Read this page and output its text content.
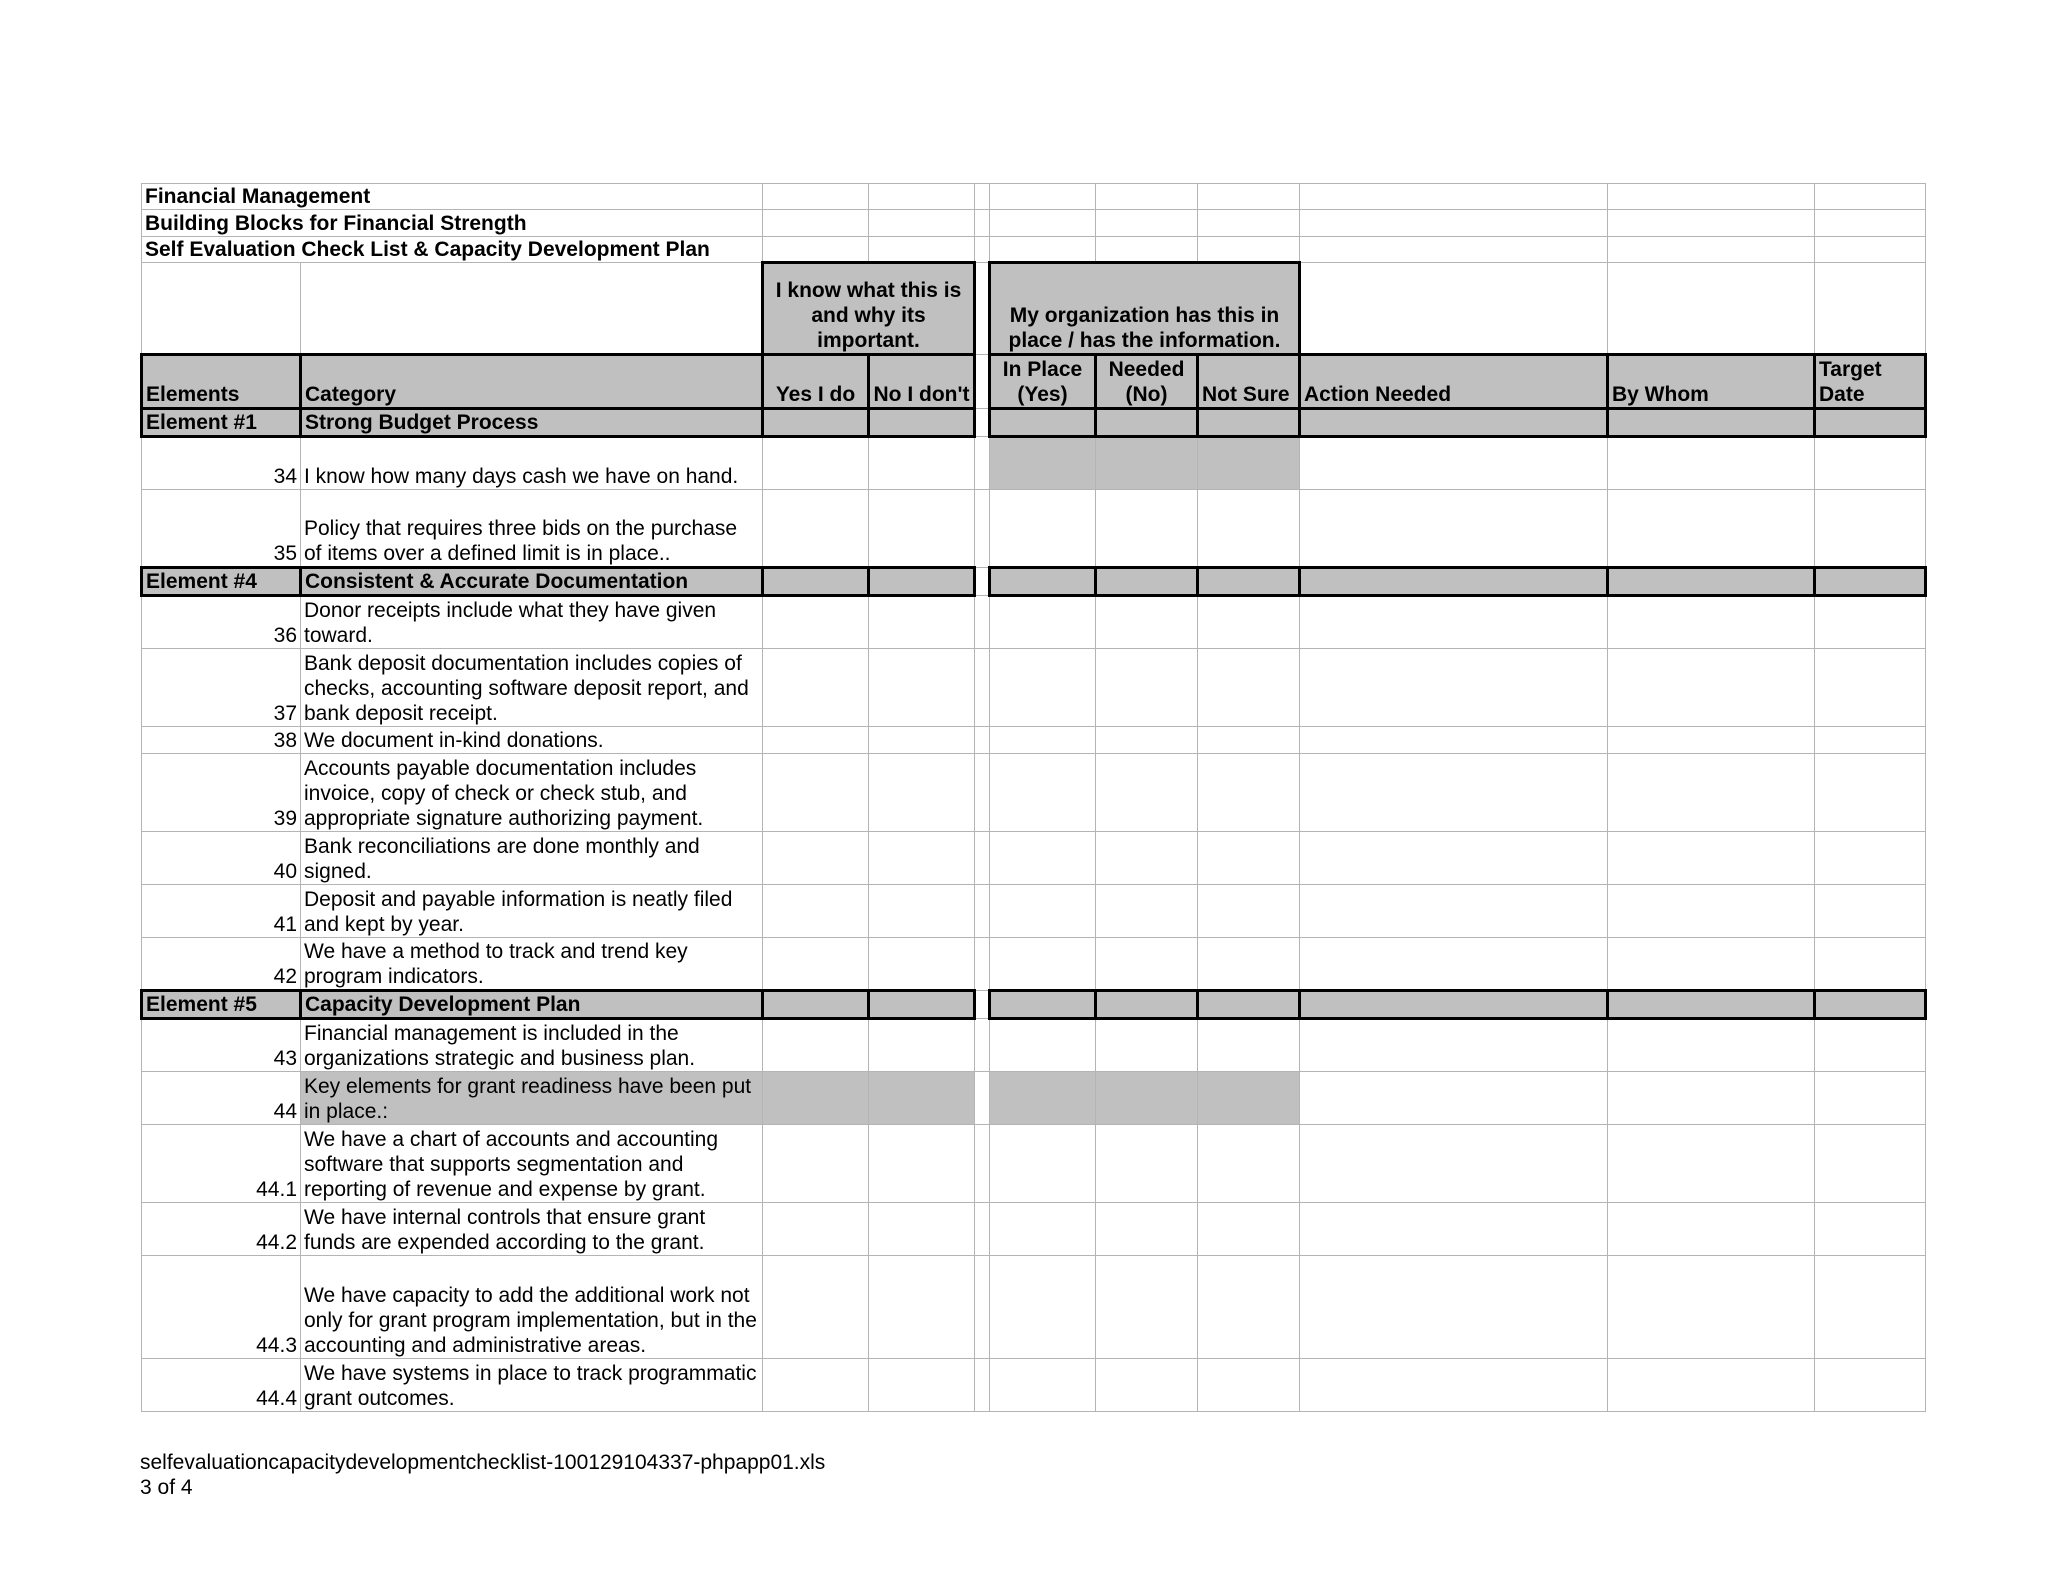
Financial Management										
Building Blocks for Financial Strength										
Self Evaluation Check List & Capacity Development Plan										
		I know what this is and why its important.			My organization has this in place / has the information.					
Elements	Category	Yes I do	No I don't		In Place (Yes)	Needed (No)	Not Sure	Action Needed	By Whom	Target Date
Element #1	Strong Budget Process									
34	I know how many days cash we have on hand.									
35	Policy that requires three bids on the purchase of items over a defined limit is in place..									
Element #4	Consistent & Accurate Documentation									
36	Donor receipts include what they have given toward.									
37	Bank deposit documentation includes copies of checks, accounting software deposit report, and bank deposit receipt.									
38	We document in-kind donations.									
39	Accounts payable documentation includes invoice, copy of check or check stub, and appropriate signature authorizing payment.									
40	Bank reconciliations are done monthly and signed.									
41	Deposit and payable information is neatly filed and kept by year.									
42	We have a method to track and trend key program indicators.									
Element #5	Capacity Development Plan									
43	Financial management is included in the organizations strategic and business plan.									
44	Key elements for grant readiness have been put in place.:									
44.1	We have a chart of accounts and accounting software that supports segmentation and reporting of revenue and expense by grant.									
44.2	We have internal controls that ensure grant funds are expended according to the grant.									
44.3	We have capacity to add the additional work not only for grant program implementation, but in the accounting and administrative areas.									
44.4	We have systems in place to track programmatic grant outcomes.									
selfevaluationcapacitydevelopmentchecklist-100129104337-phpapp01.xls
3 of 4
